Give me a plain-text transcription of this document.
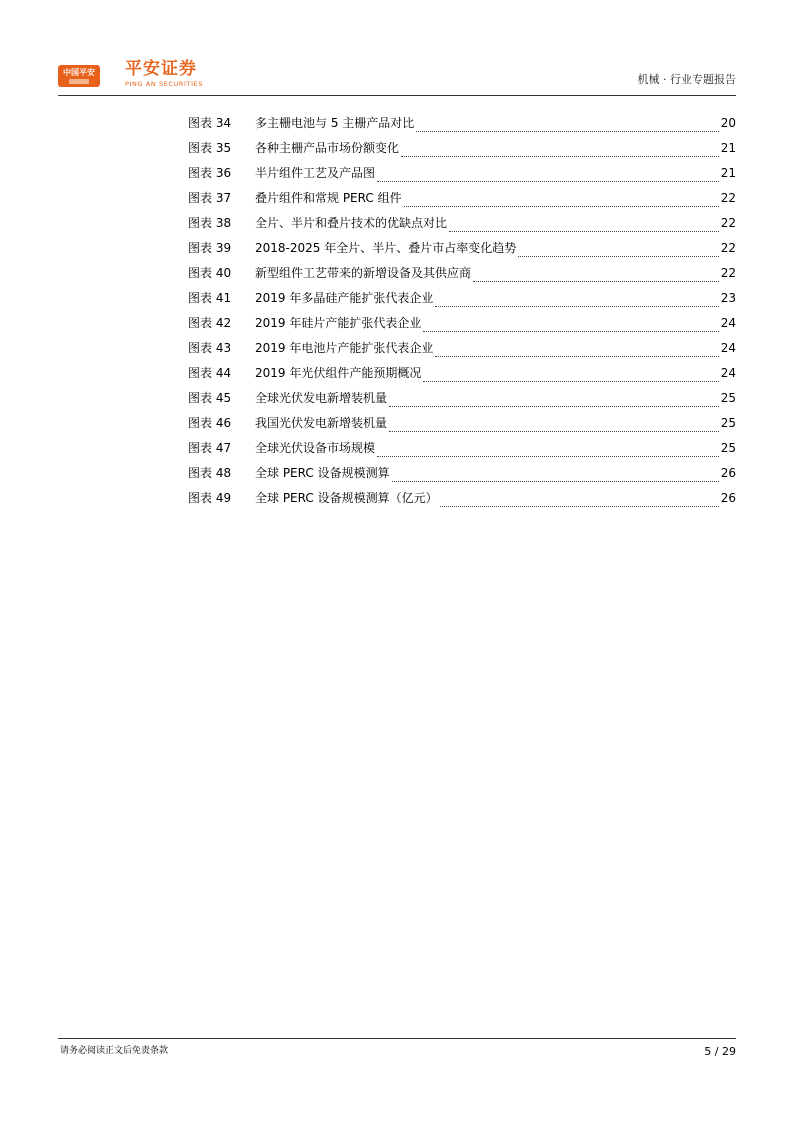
中国平安 平安证券
PING AN SECURITIES	机械 · 行业专题报告
图表 34	多主栅电池与 5 主栅产品对比	20
图表 35	各种主栅产品市场份额变化	21
图表 36	半片组件工艺及产品图	21
图表 37	叠片组件和常规 PERC 组件	22
图表 38	全片、半片和叠片技术的优缺点对比	22
图表 39	2018-2025 年全片、半片、叠片市占率变化趋势	22
图表 40	新型组件工艺带来的新增设备及其供应商	22
图表 41	2019 年多晶硅产能扩张代表企业	23
图表 42	2019 年硅片产能扩张代表企业	24
图表 43	2019 年电池片产能扩张代表企业	24
图表 44	2019 年光伏组件产能预期概况	24
图表 45	全球光伏发电新增装机量	25
图表 46	我国光伏发电新增装机量	25
图表 47	全球光伏设备市场规模	25
图表 48	全球 PERC 设备规模测算	26
图表 49	全球 PERC 设备规模测算（亿元）	26
请务必阅读正文后免责条款	5 / 29
